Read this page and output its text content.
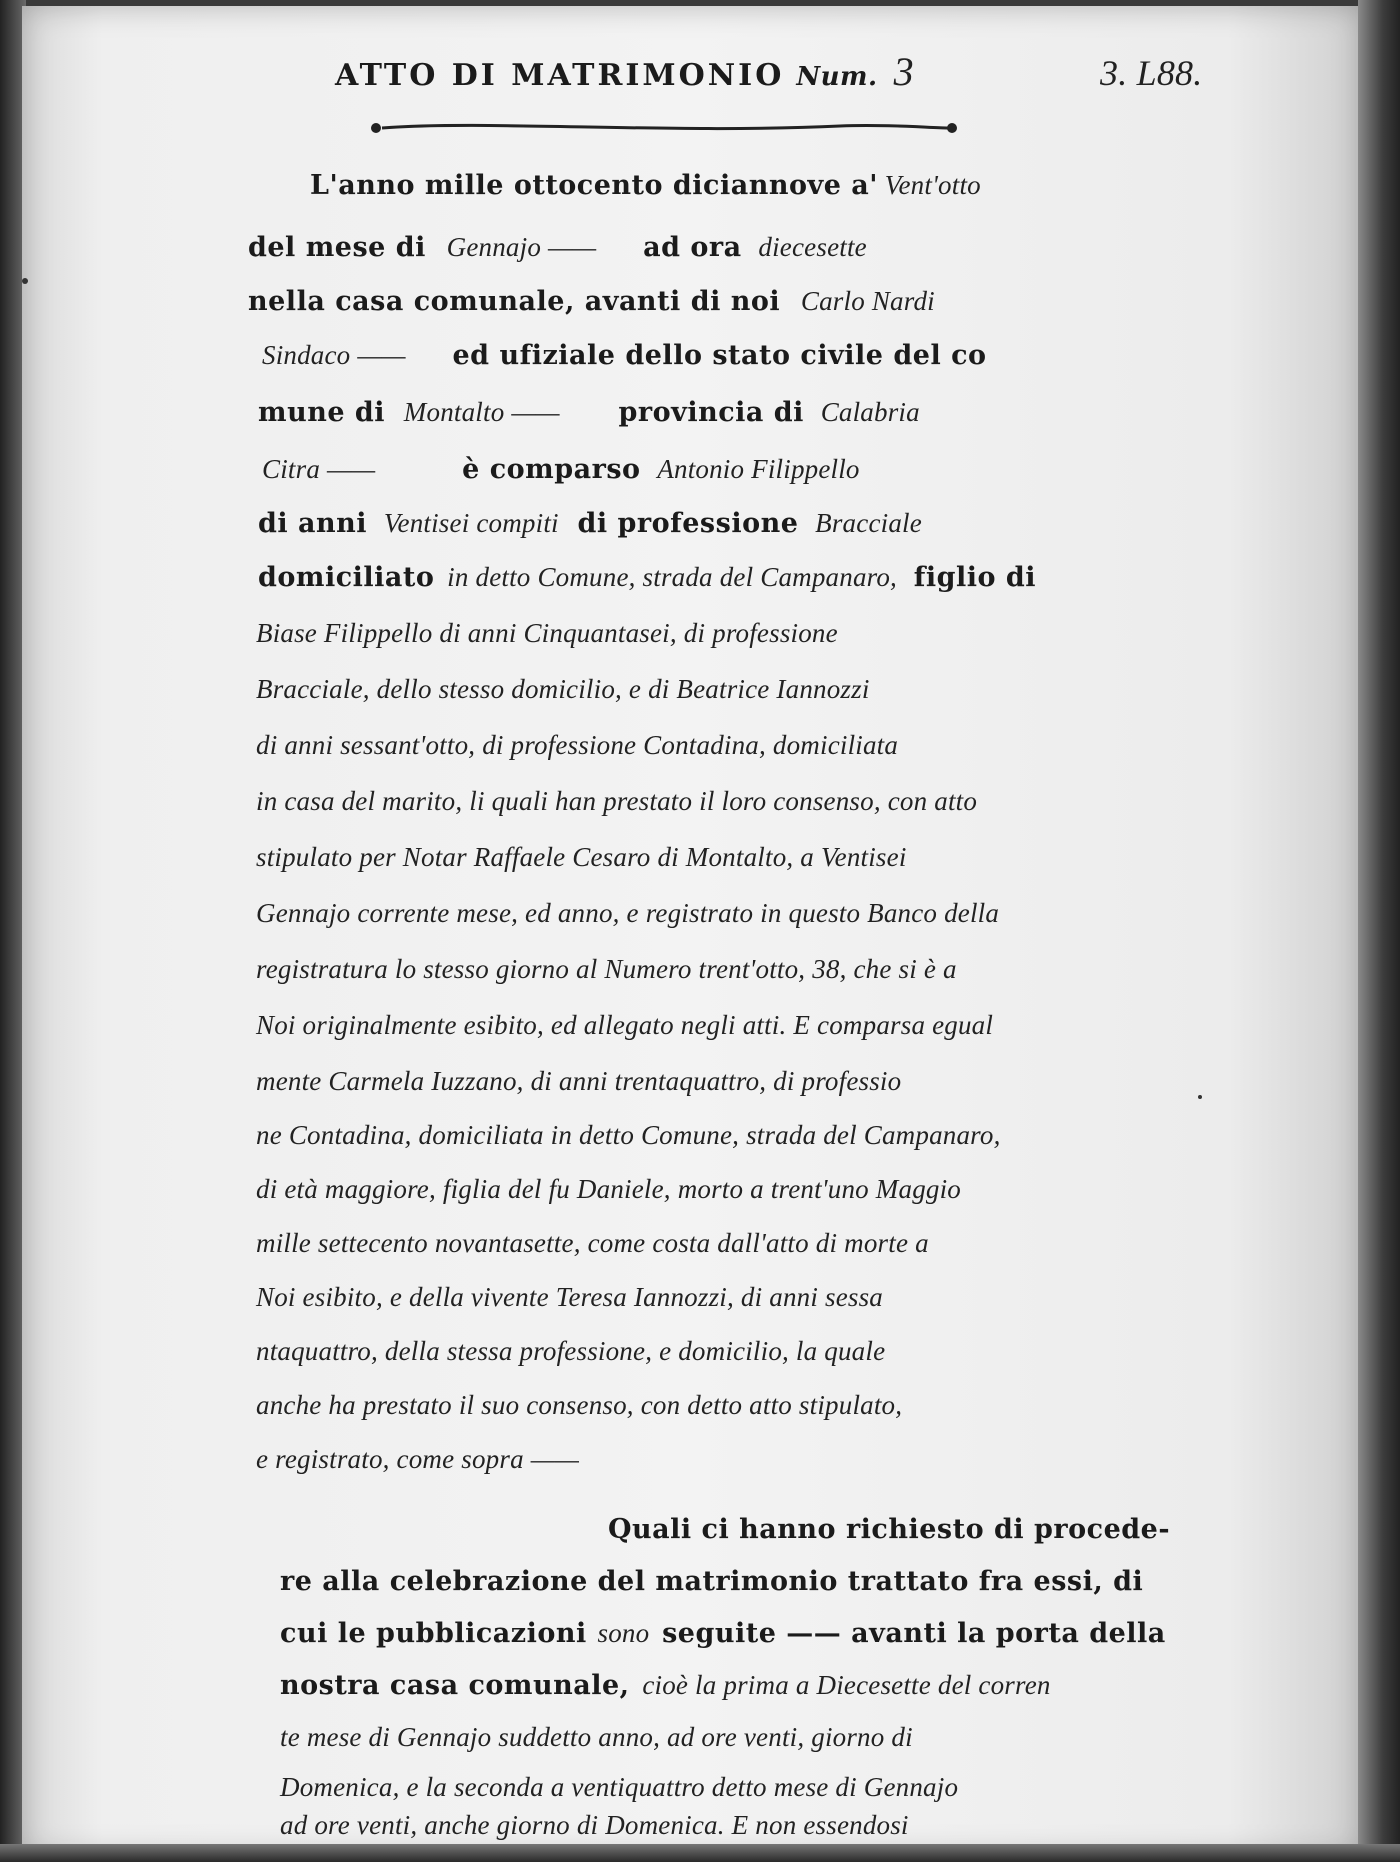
ATTO DI MATRIMONIO Num. 3	3. L88.
L'anno mille ottocento diciannove a' Vent'otto
del mese di Gennajo —— ad ora diecesette
nella casa comunale, avanti di noi Carlo Nardi
Sindaco —— ed ufiziale dello stato civile del co
mune di Montalto —— provincia di Calabria
Citra ——	è comparso Antonio Filippello
di anni Ventisei compiti di professione Bracciale
domiciliato in detto Comune, strada del Campanaro, figlio di
Biase Filippello di anni Cinquantasei, di professione
Bracciale, dello stesso domicilio, e di Beatrice Iannozzi
di anni sessant'otto, di professione Contadina, domiciliata
in casa del marito, li quali han prestato il loro consenso, con atto
stipulato per Notar Raffaele Cesaro di Montalto, a Ventisei
Gennajo corrente mese, ed anno, e registrato in questo Banco della
registratura lo stesso giorno al Numero trent'otto, 38, che si è a
Noi originalmente esibito, ed allegato negli atti. E comparsa egual
mente Carmela Iuzzano, di anni trentaquattro, di professio
ne Contadina, domiciliata in detto Comune, strada del Campanaro,
di età maggiore, figlia del fu Daniele, morto a trent'uno Maggio
mille settecento novantasette, come costa dall'atto di morte a
Noi esibito, e della vivente Teresa Iannozzi, di anni sessa
ntaquattro, della stessa professione, e domicilio, la quale
anche ha prestato il suo consenso, con detto atto stipulato,
e registrato, come sopra ——
Quali ci hanno richiesto di procede-
re alla celebrazione del matrimonio trattato fra essi, di
cui le pubblicazioni sono seguite —— avanti la porta della
nostra casa comunale, cioè la prima a Diecesette del corren
te mese di Gennajo suddetto anno, ad ore venti, giorno di
Domenica, e la seconda a ventiquattro detto mese di Gennajo
ad ore venti, anche giorno di Domenica. E non essendosi
